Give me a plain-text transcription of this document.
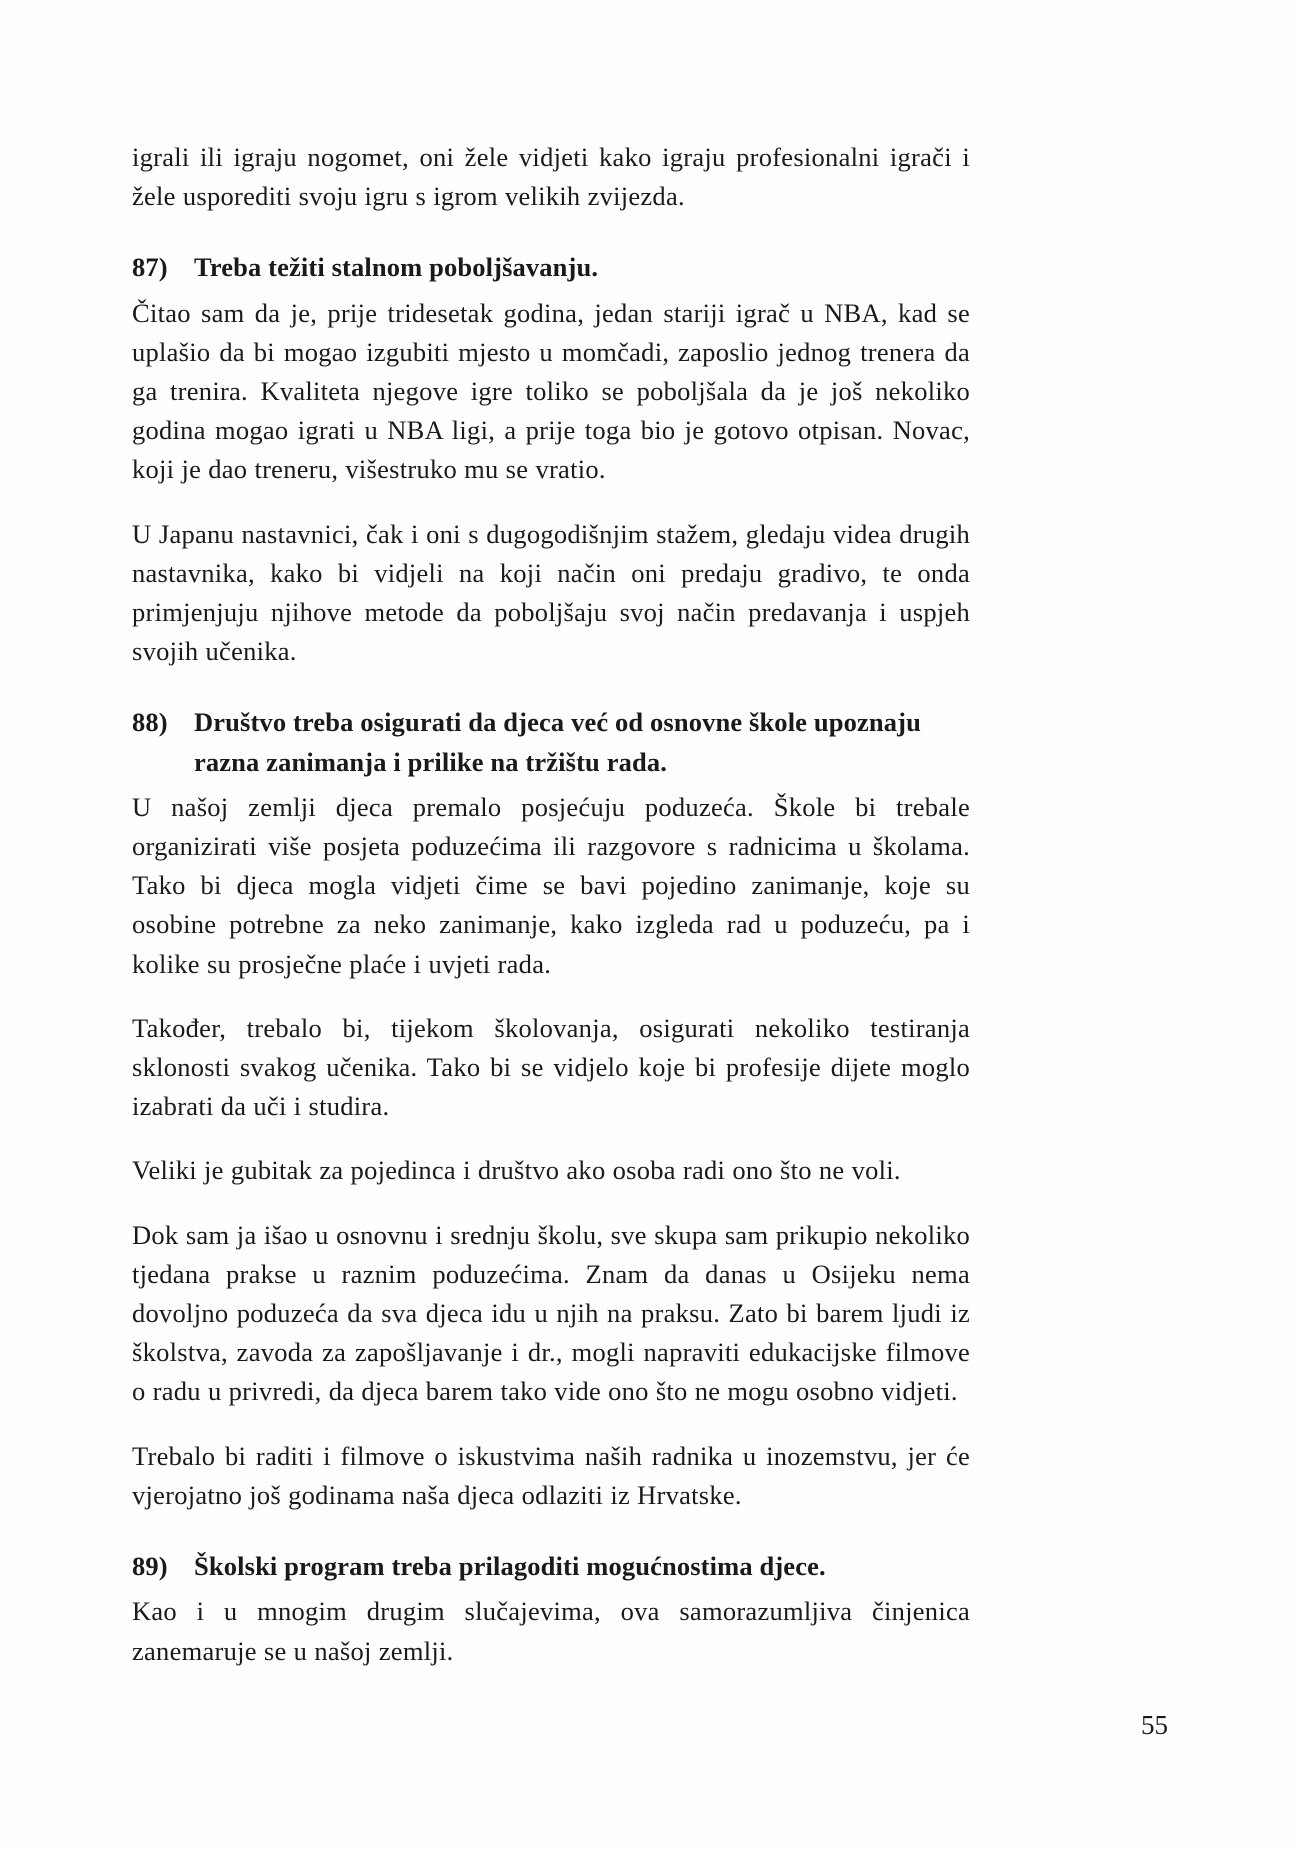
igrali ili igraju nogomet, oni žele vidjeti kako igraju profesionalni igrači i žele usporediti svoju igru s igrom velikih zvijezda.

87) Treba težiti stalnom poboljšavanju.

Čitao sam da je, prije tridesetak godina, jedan stariji igrač u NBA, kad se uplašio da bi mogao izgubiti mjesto u momčadi, zaposlio jednog trenera da ga trenira. Kvaliteta njegove igre toliko se poboljšala da je još nekoliko godina mogao igrati u NBA ligi, a prije toga bio je gotovo otpisan. Novac, koji je dao treneru, višestruko mu se vratio.

U Japanu nastavnici, čak i oni s dugogodišnjim stažem, gledaju videa drugih nastavnika, kako bi vidjeli na koji način oni predaju gradivo, te onda primjenjuju njihove metode da poboljšaju svoj način predavanja i uspjeh svojih učenika.

88) Društvo treba osigurati da djeca već od osnovne škole upoznaju razna zanimanja i prilike na tržištu rada.

U našoj zemlji djeca premalo posjećuju poduzeća. Škole bi trebale organizirati više posjeta poduzećima ili razgovore s radnicima u školama. Tako bi djeca mogla vidjeti čime se bavi pojedino zanimanje, koje su osobine potrebne za neko zanimanje, kako izgleda rad u poduzeću, pa i kolike su prosječne plaće i uvjeti rada.

Također, trebalo bi, tijekom školovanja, osigurati nekoliko testiranja sklonosti svakog učenika. Tako bi se vidjelo koje bi profesije dijete moglo izabrati da uči i studira.

Veliki je gubitak za pojedinca i društvo ako osoba radi ono što ne voli.

Dok sam ja išao u osnovnu i srednju školu, sve skupa sam prikupio nekoliko tjedana prakse u raznim poduzećima. Znam da danas u Osijeku nema dovoljno poduzeća da sva djeca idu u njih na praksu. Zato bi barem ljudi iz školstva, zavoda za zapošljavanje i dr., mogli napraviti edukacijske filmove o radu u privredi, da djeca barem tako vide ono što ne mogu osobno vidjeti.

Trebalo bi raditi i filmove o iskustvima naših radnika u inozemstvu, jer će vjerojatno još godinama naša djeca odlaziti iz Hrvatske.

89) Školski program treba prilagoditi mogućnostima djece.

Kao i u mnogim drugim slučajevima, ova samorazumljiva činjenica zanemaruje se u našoj zemlji.

55
